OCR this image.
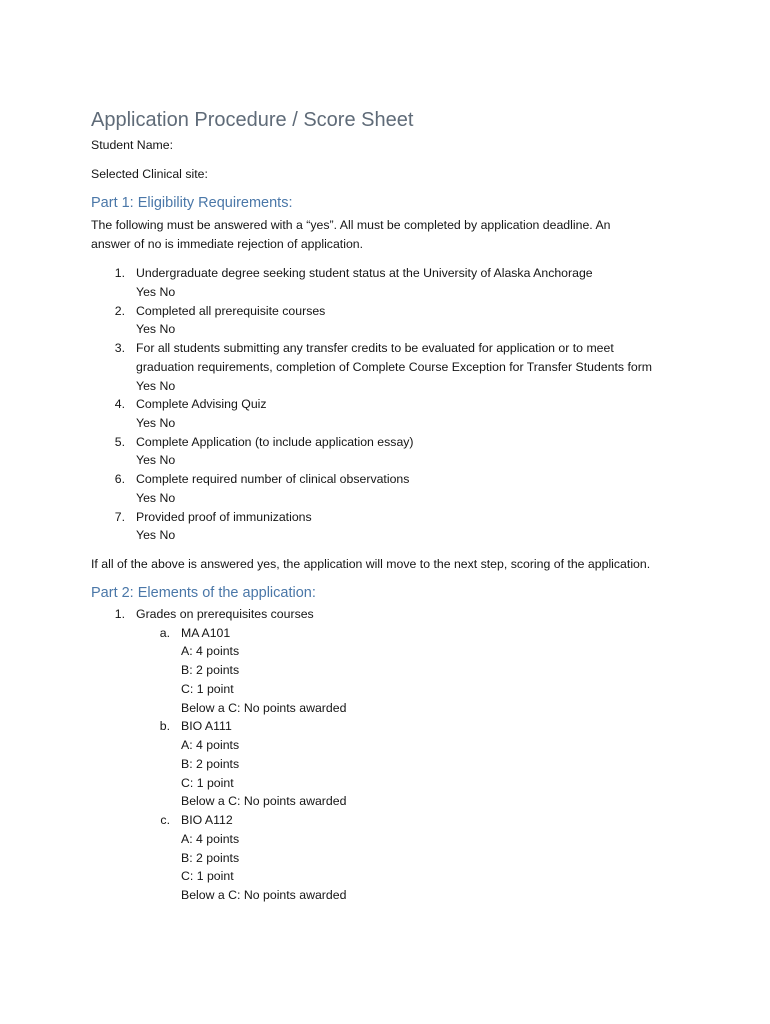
Application Procedure / Score Sheet
Student Name:
Selected Clinical site:
Part 1: Eligibility Requirements:
The following must be answered with a “yes”. All must be completed by application deadline. An
answer of no is immediate rejection of application.
1. Undergraduate degree seeking student status at the University of Alaska Anchorage
Yes No
2. Completed all prerequisite courses
Yes No
3. For all students submitting any transfer credits to be evaluated for application or to meet
graduation requirements, completion of Complete Course Exception for Transfer Students form
Yes No
4. Complete Advising Quiz
Yes No
5. Complete Application (to include application essay)
Yes No
6. Complete required number of clinical observations
Yes No
7. Provided proof of immunizations
Yes No
If all of the above is answered yes, the application will move to the next step, scoring of the application.
Part 2: Elements of the application:
1. Grades on prerequisites courses
a. MA A101
A: 4 points
B: 2 points
C: 1 point
Below a C: No points awarded
b. BIO A111
A: 4 points
B: 2 points
C: 1 point
Below a C: No points awarded
c. BIO A112
A: 4 points
B: 2 points
C: 1 point
Below a C: No points awarded
